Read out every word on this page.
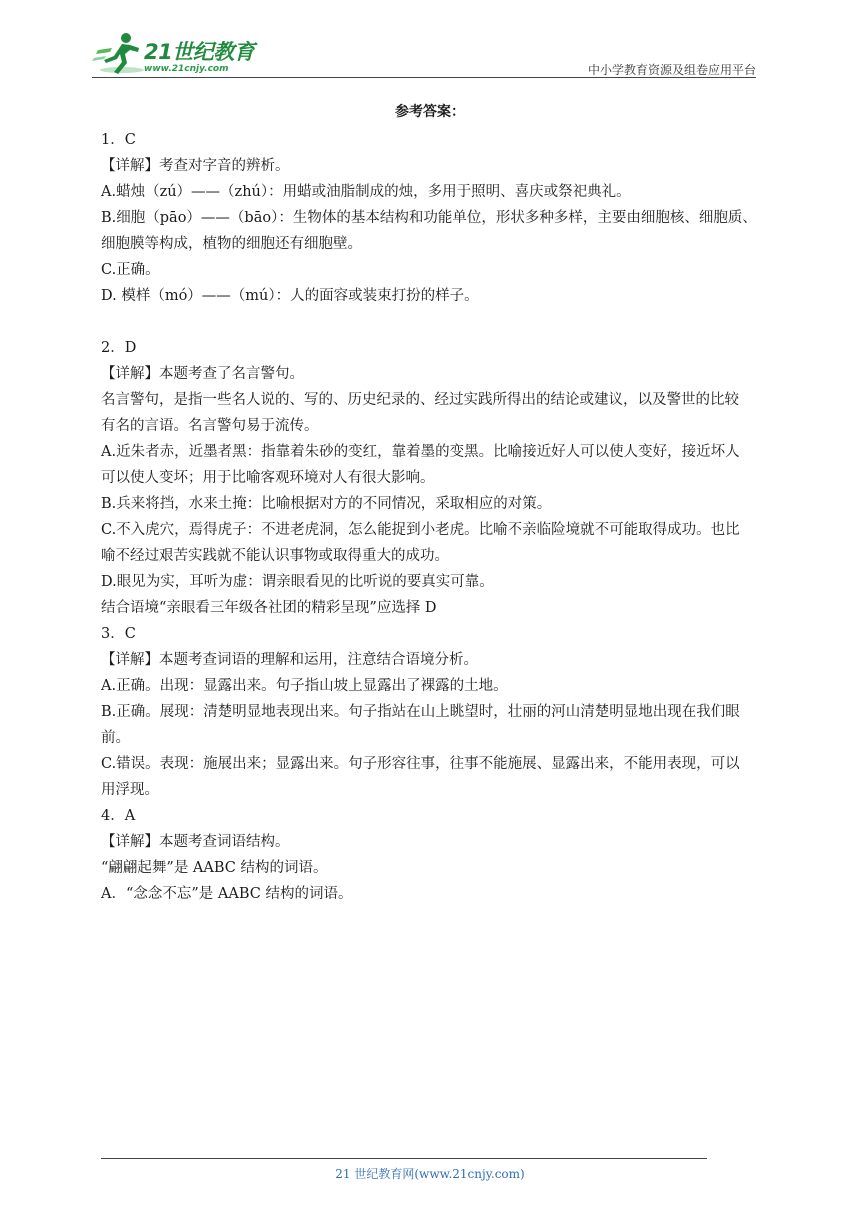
21世纪教育
www.21cnjy.com	中小学教育资源及组卷应用平台
参考答案：
1．C
【详解】考查对字音的辨析。
A.蜡烛（zú）——（zhú）：用蜡或油脂制成的烛，多用于照明、喜庆或祭祀典礼。
B.细胞（pāo）——（bāo）：生物体的基本结构和功能单位，形状多种多样，主要由细胞核、细胞质、
细胞膜等构成，植物的细胞还有细胞壁。
C.正确。
D. 模样（mó）——（mú）：人的面容或装束打扮的样子。
2．D
【详解】本题考查了名言警句。
名言警句，是指一些名人说的、写的、历史纪录的、经过实践所得出的结论或建议，以及警世的比较
有名的言语。名言警句易于流传。
A.近朱者赤，近墨者黑：指靠着朱砂的变红，靠着墨的变黑。比喻接近好人可以使人变好，接近坏人
可以使人变坏；用于比喻客观环境对人有很大影响。
B.兵来将挡，水来土掩：比喻根据对方的不同情况，采取相应的对策。
C.不入虎穴，焉得虎子：不进老虎洞，怎么能捉到小老虎。比喻不亲临险境就不可能取得成功。也比
喻不经过艰苦实践就不能认识事物或取得重大的成功。
D.眼见为实，耳听为虚：谓亲眼看见的比听说的要真实可靠。
结合语境“亲眼看三年级各社团的精彩呈现”应选择 D
3．C
【详解】本题考查词语的理解和运用，注意结合语境分析。
A.正确。出现：显露出来。句子指山坡上显露出了裸露的土地。
B.正确。展现：清楚明显地表现出来。句子指站在山上眺望时，壮丽的河山清楚明显地出现在我们眼
前。
C.错误。表现：施展出来；显露出来。句子形容往事，往事不能施展、显露出来，不能用表现，可以
用浮现。
4．A
【详解】本题考查词语结构。
“翩翩起舞”是 AABC 结构的词语。
A．“念念不忘”是 AABC 结构的词语。
21 世纪教育网(www.21cnjy.com)
